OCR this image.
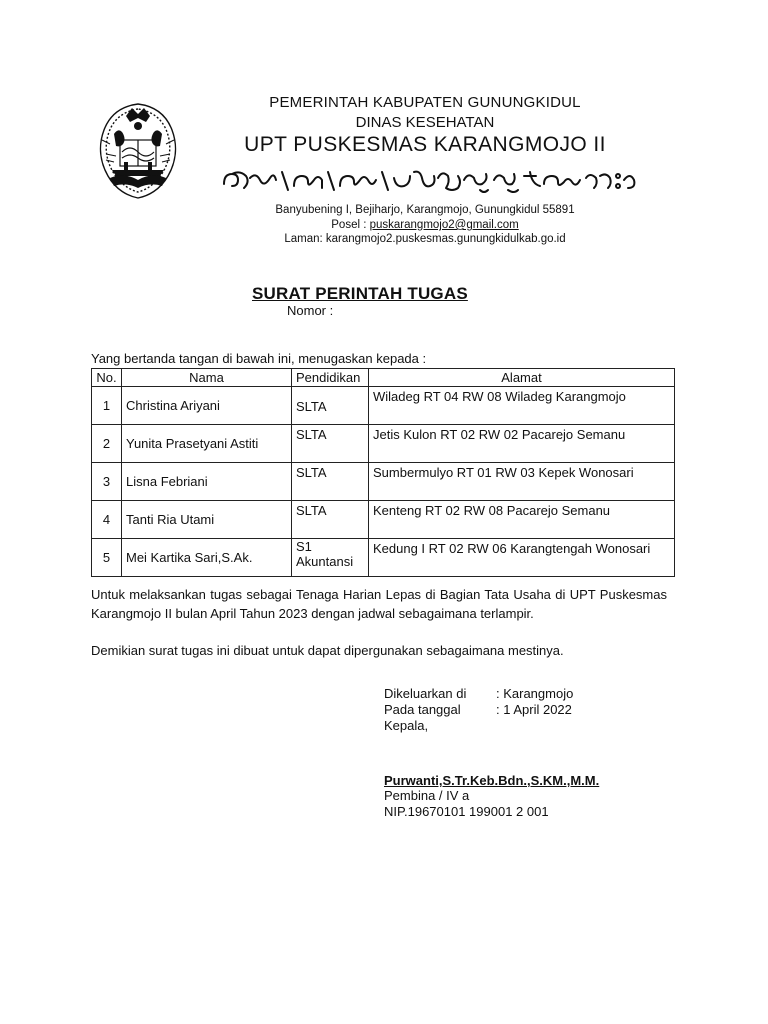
PEMERINTAH KABUPATEN GUNUNGKIDUL
DINAS KESEHATAN
UPT PUSKESMAS KARANGMOJO II
Banyubening I, Bejiharjo, Karangmojo, Gunungkidul 55891
Posel : puskarangmojo2@gmail.com
Laman: karangmojo2.puskesmas.gunungkidulkab.go.id
SURAT PERINTAH TUGAS
Nomor :
Yang bertanda tangan di bawah ini, menugaskan kepada :
No.	Nama	Pendidikan	Alamat
1	Christina Ariyani	SLTA	Wiladeg RT 04 RW 08 Wiladeg Karangmojo
2	Yunita Prasetyani Astiti	SLTA	Jetis Kulon RT 02 RW 02 Pacarejo Semanu
3	Lisna Febriani	SLTA	Sumbermulyo RT 01 RW 03 Kepek Wonosari
4	Tanti Ria Utami	SLTA	Kenteng RT 02 RW 08 Pacarejo Semanu
5	Mei Kartika Sari,S.Ak.	S1 Akuntansi	Kedung I RT 02 RW 06 Karangtengah Wonosari
Untuk melaksankan tugas sebagai Tenaga Harian Lepas di Bagian Tata Usaha di UPT Puskesmas Karangmojo II bulan April Tahun 2023 dengan jadwal sebagaimana terlampir.
Demikian surat tugas ini dibuat untuk dapat dipergunakan sebagaimana mestinya.
Dikeluarkan di	: Karangmojo
Pada tanggal	: 1 April 2022
Kepala,
Purwanti,S.Tr.Keb.Bdn.,S.KM.,M.M.
Pembina / IV a
NIP.19670101 199001 2 001
